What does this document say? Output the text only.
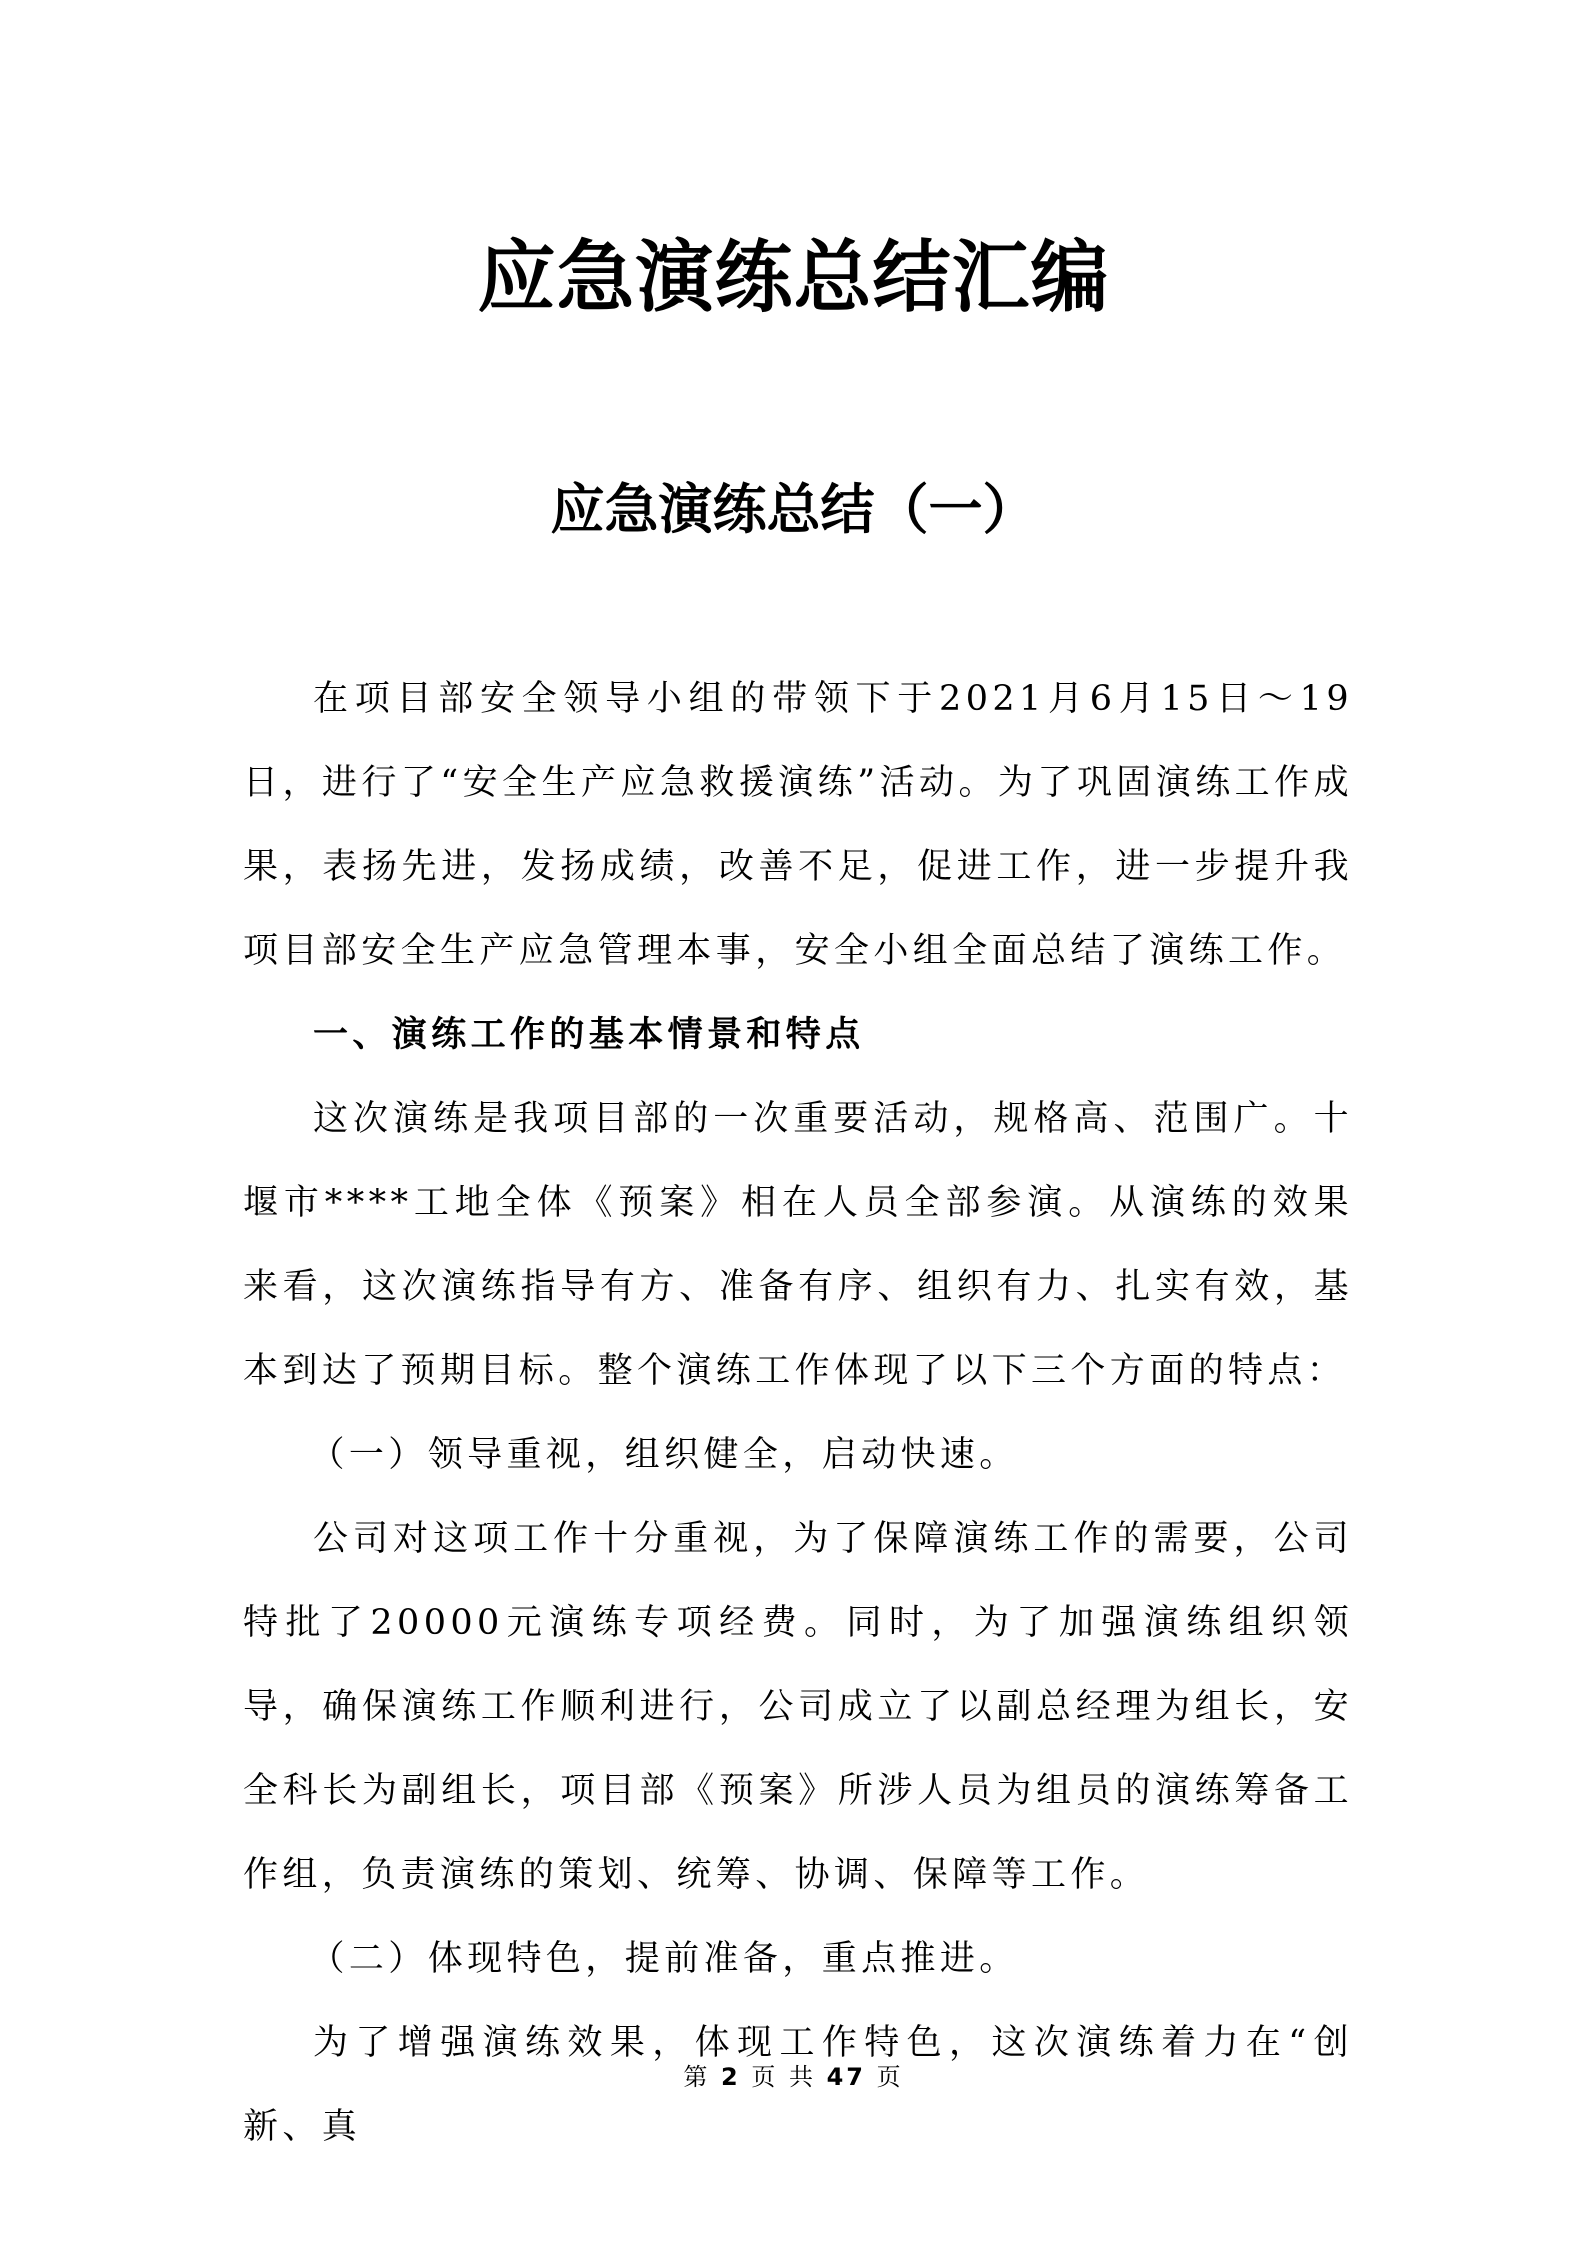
应急演练总结汇编
应急演练总结（一）

在项目部安全领导小组的带领下于2021月6月15日～19日，进行了“安全生产应急救援演练”活动。为了巩固演练工作成果，表扬先进，发扬成绩，改善不足，促进工作，进一步提升我项目部安全生产应急管理本事，安全小组全面总结了演练工作。

一、演练工作的基本情景和特点

这次演练是我项目部的一次重要活动，规格高、范围广。十堰市****工地全体《预案》相在人员全部参演。从演练的效果来看，这次演练指导有方、准备有序、组织有力、扎实有效，基本到达了预期目标。整个演练工作体现了以下三个方面的特点：

（一）领导重视，组织健全，启动快速。

公司对这项工作十分重视，为了保障演练工作的需要，公司特批了20000元演练专项经费。同时，为了加强演练组织领导，确保演练工作顺利进行，公司成立了以副总经理为组长，安全科长为副组长，项目部《预案》所涉人员为组员的演练筹备工作组，负责演练的策划、统筹、协调、保障等工作。

（二）体现特色，提前准备，重点推进。

为了增强演练效果，体现工作特色，这次演练着力在“创新、真

第 2 页 共 47 页
